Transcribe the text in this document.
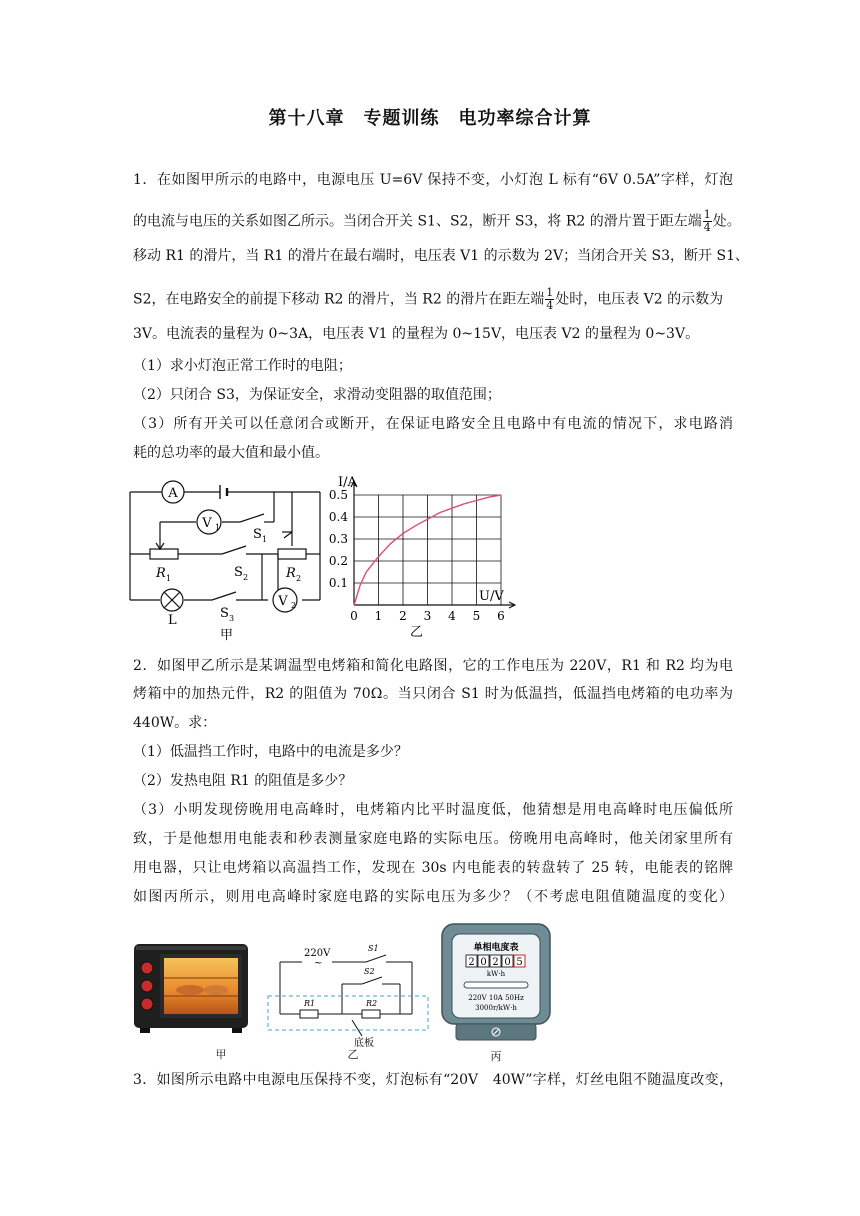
第十八章　专题训练　电功率综合计算
1．在如图甲所示的电路中，电源电压 U=6V 保持不变，小灯泡 L 标有“6V 0.5A”字样，灯泡
的电流与电压的关系如图乙所示。当闭合开关 S1、S2，断开 S3，将 R2 的滑片置于距左端 $\frac{1}{4}$ 处。
移动 R1 的滑片，当 R1 的滑片在最右端时，电压表 V1 的示数为 2V；当闭合开关 S3，断开 S1、
S2，在电路安全的前提下移动 R2 的滑片，当 R2 的滑片在距左端 $\frac{1}{4}$ 处时，电压表 V2 的示数为
3V。电流表的量程为 0~3A，电压表 V1 的量程为 0~15V，电压表 V2 的量程为 0~3V。
（1）求小灯泡正常工作时的电阻；
（2）只闭合 S3，为保证安全，求滑动变阻器的取值范围；
（3）所有开关可以任意闭合或断开，在保证电路安全且电路中有电流的情况下，求电路消
耗的总功率的最大值和最小值。
A
V 1
V 2
S 1
S 2
S 3
R 1	R 2
L
甲
0 1 2 3 4 5 6
0.1
0.2
0.3
0.4
0.5
I/A
U/V
乙
2．如图甲乙所示是某调温型电烤箱和简化电路图，它的工作电压为 220V，R1 和 R2 均为电
烤箱中的加热元件，R2 的阻值为 70Ω。当只闭合 S1 时为低温挡，低温挡电烤箱的电功率为
440W。求：
（1）低温挡工作时，电路中的电流是多少？
（2）发热电阻 R1 的阻值是多少？
（3）小明发现傍晚用电高峰时，电烤箱内比平时温度低，他猜想是用电高峰时电压偏低所
致，于是他想用电能表和秒表测量家庭电路的实际电压。傍晚用电高峰时，他关闭家里所有
用电器，只让电烤箱以高温挡工作，发现在 30s 内电能表的转盘转了 25 转，电能表的铭牌
如图丙所示，则用电高峰时家庭电路的实际电压为多少？（不考虑电阻值随温度的变化）
甲
220V
~
S1
S2
R1	R2
底板
乙
单相电度表
2 0 2 0 5
kW·h
220V 10A 50Hz
3000r/kW·h
丙
3．如图所示电路中电源电压保持不变，灯泡标有“20V　40W”字样，灯丝电阻不随温度改变，
